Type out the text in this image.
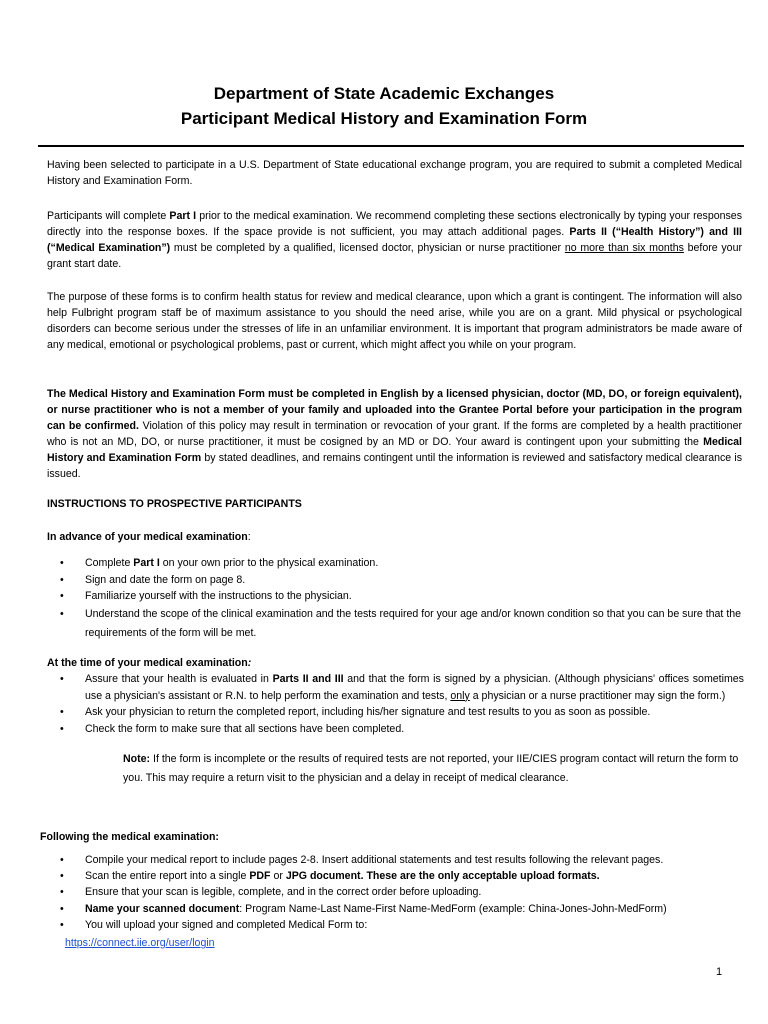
Department of State Academic Exchanges
Participant Medical History and Examination Form

Having been selected to participate in a U.S. Department of State educational exchange program, you are required to submit a completed Medical History and Examination Form.

Participants will complete Part I prior to the medical examination. We recommend completing these sections electronically by typing your responses directly into the response boxes. If the space provide is not sufficient, you may attach additional pages. Parts II (“Health History”) and III (“Medical Examination”) must be completed by a qualified, licensed doctor, physician or nurse practitioner no more than six months before your grant start date.

The purpose of these forms is to confirm health status for review and medical clearance, upon which a grant is contingent. The information will also help Fulbright program staff be of maximum assistance to you should the need arise, while you are on a grant. Mild physical or psychological disorders can become serious under the stresses of life in an unfamiliar environment. It is important that program administrators be made aware of any medical, emotional or psychological problems, past or current, which might affect you while on your program.

The Medical History and Examination Form must be completed in English by a licensed physician, doctor (MD, DO, or foreign equivalent), or nurse practitioner who is not a member of your family and uploaded into the Grantee Portal before your participation in the program can be confirmed. Violation of this policy may result in termination or revocation of your grant. If the forms are completed by a health practitioner who is not an MD, DO, or nurse practitioner, it must be cosigned by an MD or DO. Your award is contingent upon your submitting the Medical History and Examination Form by stated deadlines, and remains contingent until the information is reviewed and satisfactory medical clearance is issued.

INSTRUCTIONS TO PROSPECTIVE PARTICIPANTS

In advance of your medical examination:

• Complete Part I on your own prior to the physical examination.
• Sign and date the form on page 8.
• Familiarize yourself with the instructions to the physician.
• Understand the scope of the clinical examination and the tests required for your age and/or known condition so that you can be sure that the requirements of the form will be met.

At the time of your medical examination:

• Assure that your health is evaluated in Parts II and III and that the form is signed by a physician. (Although physicians' offices sometimes use a physician's assistant or R.N. to help perform the examination and tests, only a physician or a nurse practitioner may sign the form.)
• Ask your physician to return the completed report, including his/her signature and test results to you as soon as possible.
• Check the form to make sure that all sections have been completed.

Note: If the form is incomplete or the results of required tests are not reported, your IIE/CIES program contact will return the form to you. This may require a return visit to the physician and a delay in receipt of medical clearance.

Following the medical examination:

• Compile your medical report to include pages 2-8. Insert additional statements and test results following the relevant pages.
• Scan the entire report into a single PDF or JPG document. These are the only acceptable upload formats.
• Ensure that your scan is legible, complete, and in the correct order before uploading.
• Name your scanned document: Program Name-Last Name-First Name-MedForm (example: China-Jones-John-MedForm)
• You will upload your signed and completed Medical Form to:
https://connect.iie.org/user/login
1
